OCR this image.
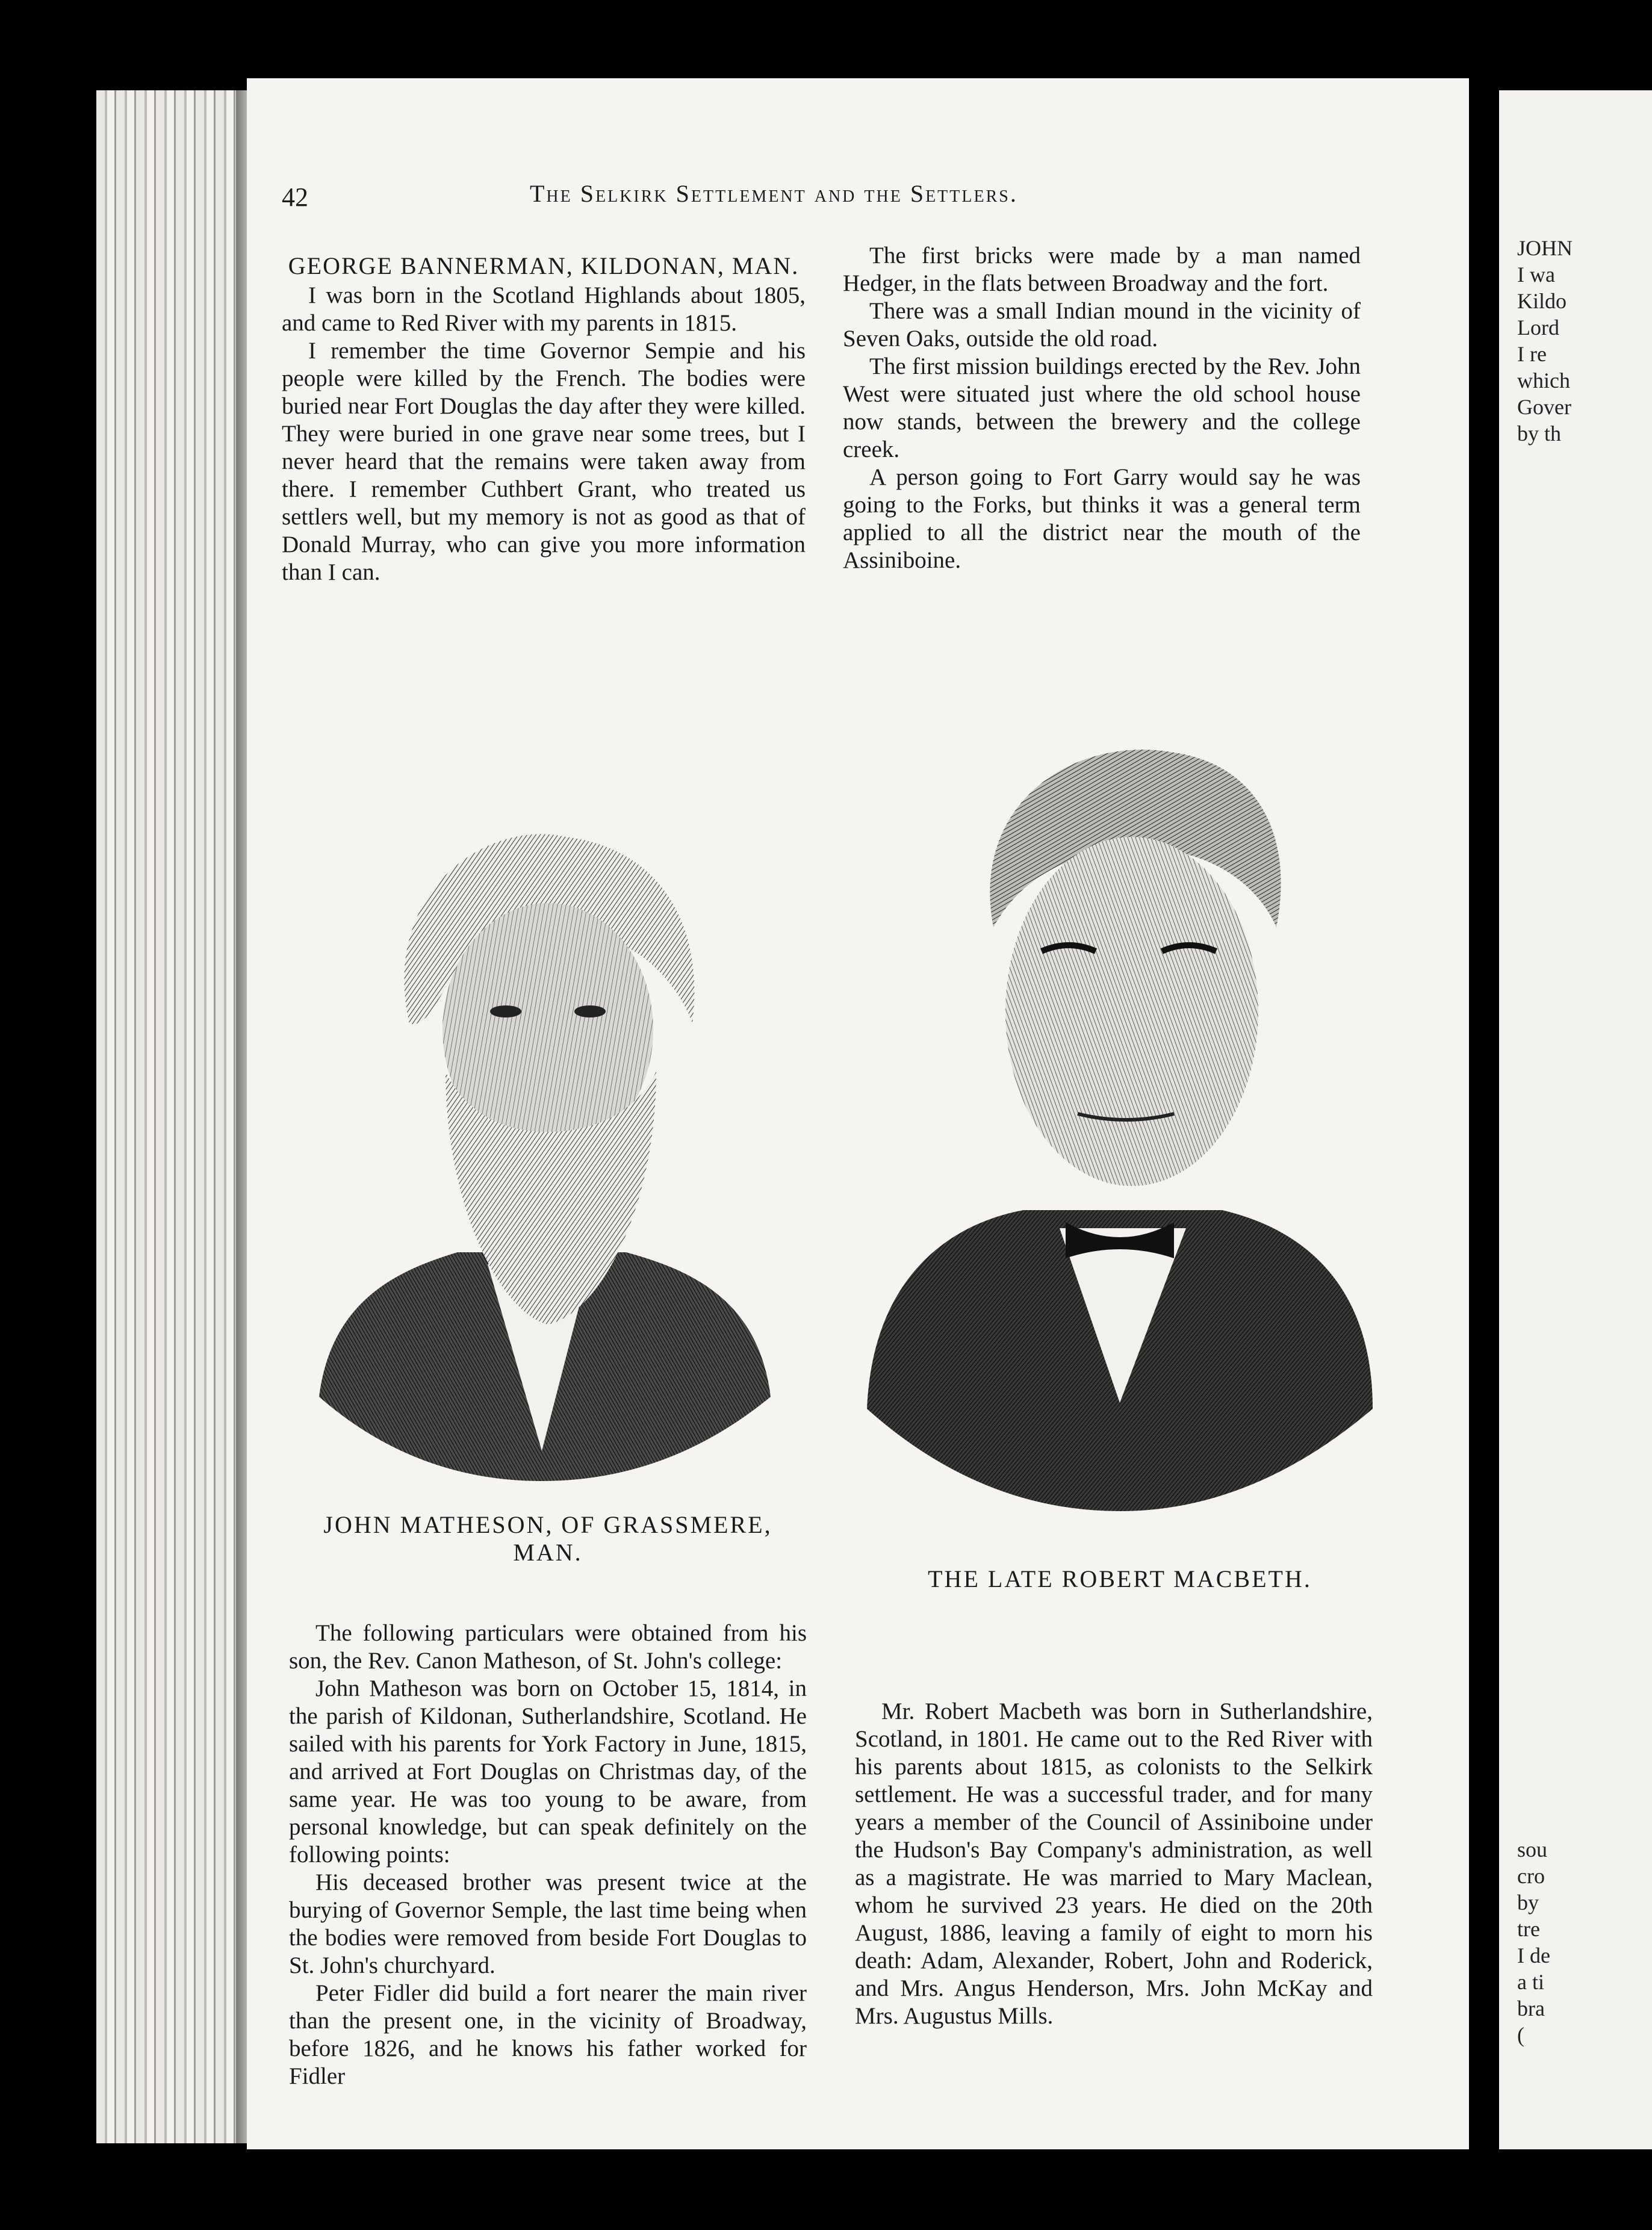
JOHN
I wa
Kildo
Lord
I re
which
Gover
by th
sou
cro
by
tre
I de
a ti
bra
(
42	The Selkirk Settlement and the Settlers.
GEORGE BANNERMAN, KILDONAN, MAN.

I was born in the Scotland Highlands about 1805, and came to Red River with my parents in 1815.

I remember the time Governor Sempie and his people were killed by the French. The bodies were buried near Fort Douglas the day after they were killed. They were buried in one grave near some trees, but I never heard that the remains were taken away from there. I remember Cuthbert Grant, who treated us settlers well, but my memory is not as good as that of Donald Murray, who can give you more information than I can.

The first bricks were made by a man named Hedger, in the flats between Broadway and the fort.

There was a small Indian mound in the vicinity of Seven Oaks, outside the old road.

The first mission buildings erected by the Rev. John West were situated just where the old school house now stands, between the brewery and the college creek.

A person going to Fort Garry would say he was going to the Forks, but thinks it was a general term applied to all the district near the mouth of the Assiniboine.

JOHN MATHESON, OF GRASSMERE, MAN.
THE LATE ROBERT MACBETH.

The following particulars were obtained from his son, the Rev. Canon Matheson, of St. John's college:

John Matheson was born on October 15, 1814, in the parish of Kildonan, Sutherlandshire, Scotland. He sailed with his parents for York Factory in June, 1815, and arrived at Fort Douglas on Christmas day, of the same year. He was too young to be aware, from personal knowledge, but can speak definitely on the following points:

His deceased brother was present twice at the burying of Governor Semple, the last time being when the bodies were removed from beside Fort Douglas to St. John's churchyard.

Peter Fidler did build a fort nearer the main river than the present one, in the vicinity of Broadway, before 1826, and he knows his father worked for Fidler

Mr. Robert Macbeth was born in Sutherlandshire, Scotland, in 1801. He came out to the Red River with his parents about 1815, as colonists to the Selkirk settlement. He was a successful trader, and for many years a member of the Council of Assiniboine under the Hudson's Bay Company's administration, as well as a magistrate. He was married to Mary Maclean, whom he survived 23 years. He died on the 20th August, 1886, leaving a family of eight to morn his death: Adam, Alexander, Robert, John and Roderick, and Mrs. Angus Henderson, Mrs. John McKay and Mrs. Augustus Mills.
